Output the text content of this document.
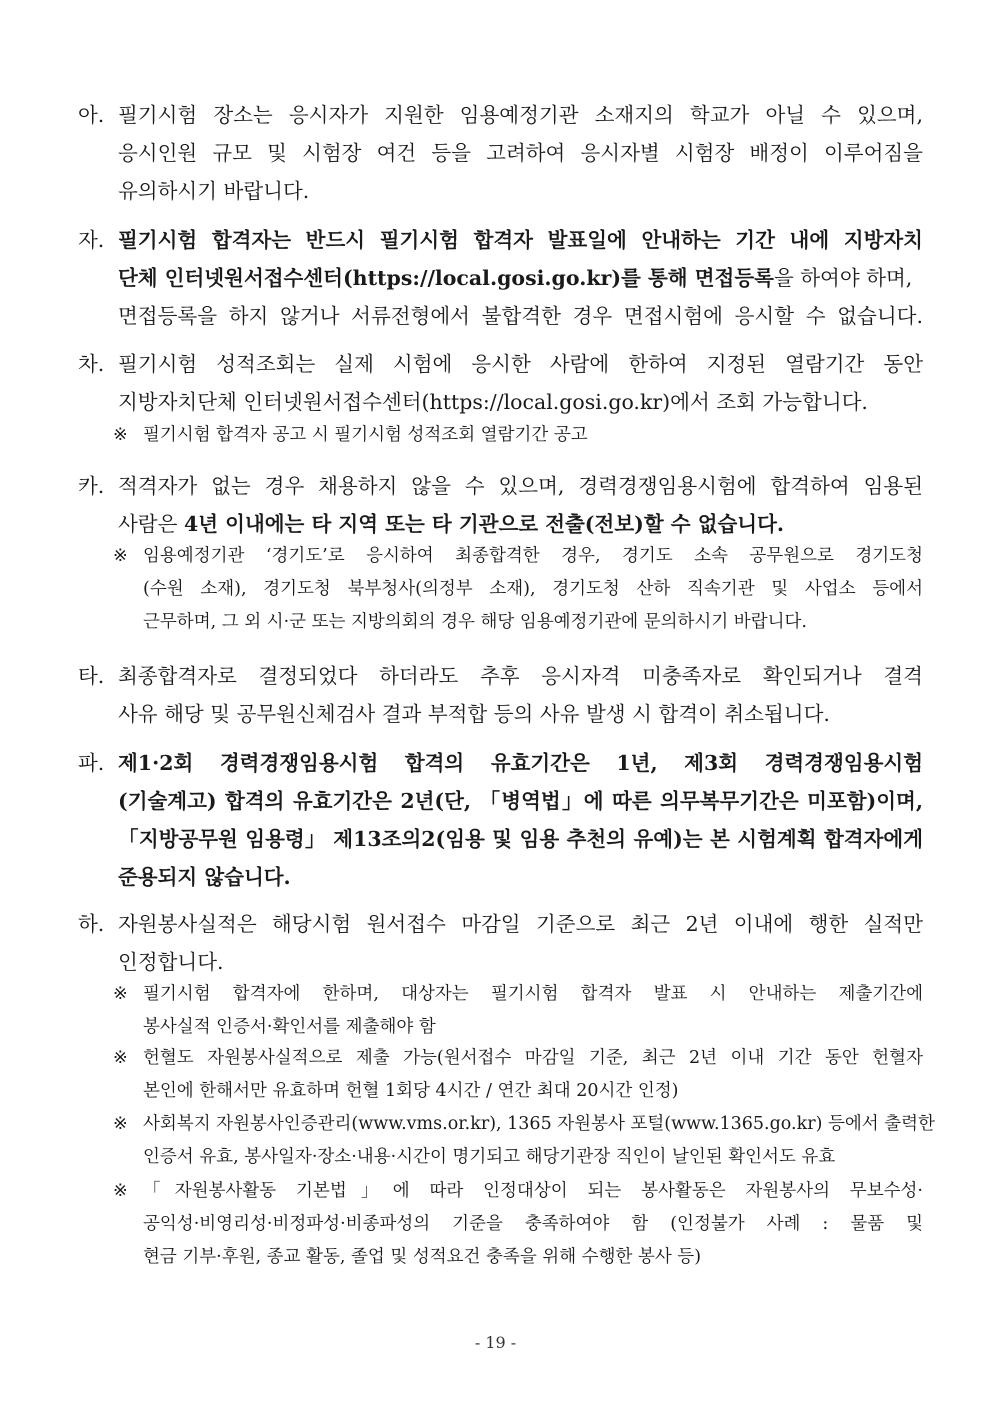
아. 필기시험 장소는 응시자가 지원한 임용예정기관 소재지의 학교가 아닐 수 있으며,
응시인원 규모 및 시험장 여건 등을 고려하여 응시자별 시험장 배정이 이루어짐을
유의하시기 바랍니다.
자. 필기시험 합격자는 반드시 필기시험 합격자 발표일에 안내하는 기간 내에 지방자치
단체 인터넷원서접수센터(https://local.gosi.go.kr)를 통해 면접등록을 하여야 하며,
면접등록을 하지 않거나 서류전형에서 불합격한 경우 면접시험에 응시할 수 없습니다.
차. 필기시험 성적조회는 실제 시험에 응시한 사람에 한하여 지정된 열람기간 동안
지방자치단체 인터넷원서접수센터(https://local.gosi.go.kr)에서 조회 가능합니다.
※ 필기시험 합격자 공고 시 필기시험 성적조회 열람기간 공고
카. 적격자가 없는 경우 채용하지 않을 수 있으며, 경력경쟁임용시험에 합격하여 임용된
사람은 4년 이내에는 타 지역 또는 타 기관으로 전출(전보)할 수 없습니다.
※ 임용예정기관 ‘경기도’로 응시하여 최종합격한 경우, 경기도 소속 공무원으로 경기도청
(수원 소재), 경기도청 북부청사(의정부 소재), 경기도청 산하 직속기관 및 사업소 등에서
근무하며, 그 외 시·군 또는 지방의회의 경우 해당 임용예정기관에 문의하시기 바랍니다.
타. 최종합격자로 결정되었다 하더라도 추후 응시자격 미충족자로 확인되거나 결격
사유 해당 및 공무원신체검사 결과 부적합 등의 사유 발생 시 합격이 취소됩니다.
파. 제1·2회 경력경쟁임용시험 합격의 유효기간은 1년, 제3회 경력경쟁임용시험
(기술계고) 합격의 유효기간은 2년(단, 「병역법」에 따른 의무복무기간은 미포함)이며,
「지방공무원 임용령」 제13조의2(임용 및 임용 추천의 유예)는 본 시험계획 합격자에게
준용되지 않습니다.
하. 자원봉사실적은 해당시험 원서접수 마감일 기준으로 최근 2년 이내에 행한 실적만
인정합니다.
※ 필기시험 합격자에 한하며, 대상자는 필기시험 합격자 발표 시 안내하는 제출기간에
봉사실적 인증서·확인서를 제출해야 함
※ 헌혈도 자원봉사실적으로 제출 가능(원서접수 마감일 기준, 최근 2년 이내 기간 동안 헌혈자
본인에 한해서만 유효하며 헌혈 1회당 4시간 / 연간 최대 20시간 인정)
※ 사회복지 자원봉사인증관리(www.vms.or.kr), 1365 자원봉사 포털(www.1365.go.kr) 등에서 출력한
인증서 유효, 봉사일자·장소·내용·시간이 명기되고 해당기관장 직인이 날인된 확인서도 유효
※ 「자원봉사활동 기본법」에 따라 인정대상이 되는 봉사활동은 자원봉사의 무보수성·
공익성·비영리성·비정파성·비종파성의 기준을 충족하여야 함 (인정불가 사례 : 물품 및
현금 기부·후원, 종교 활동, 졸업 및 성적요건 충족을 위해 수행한 봉사 등)
- 19 -
